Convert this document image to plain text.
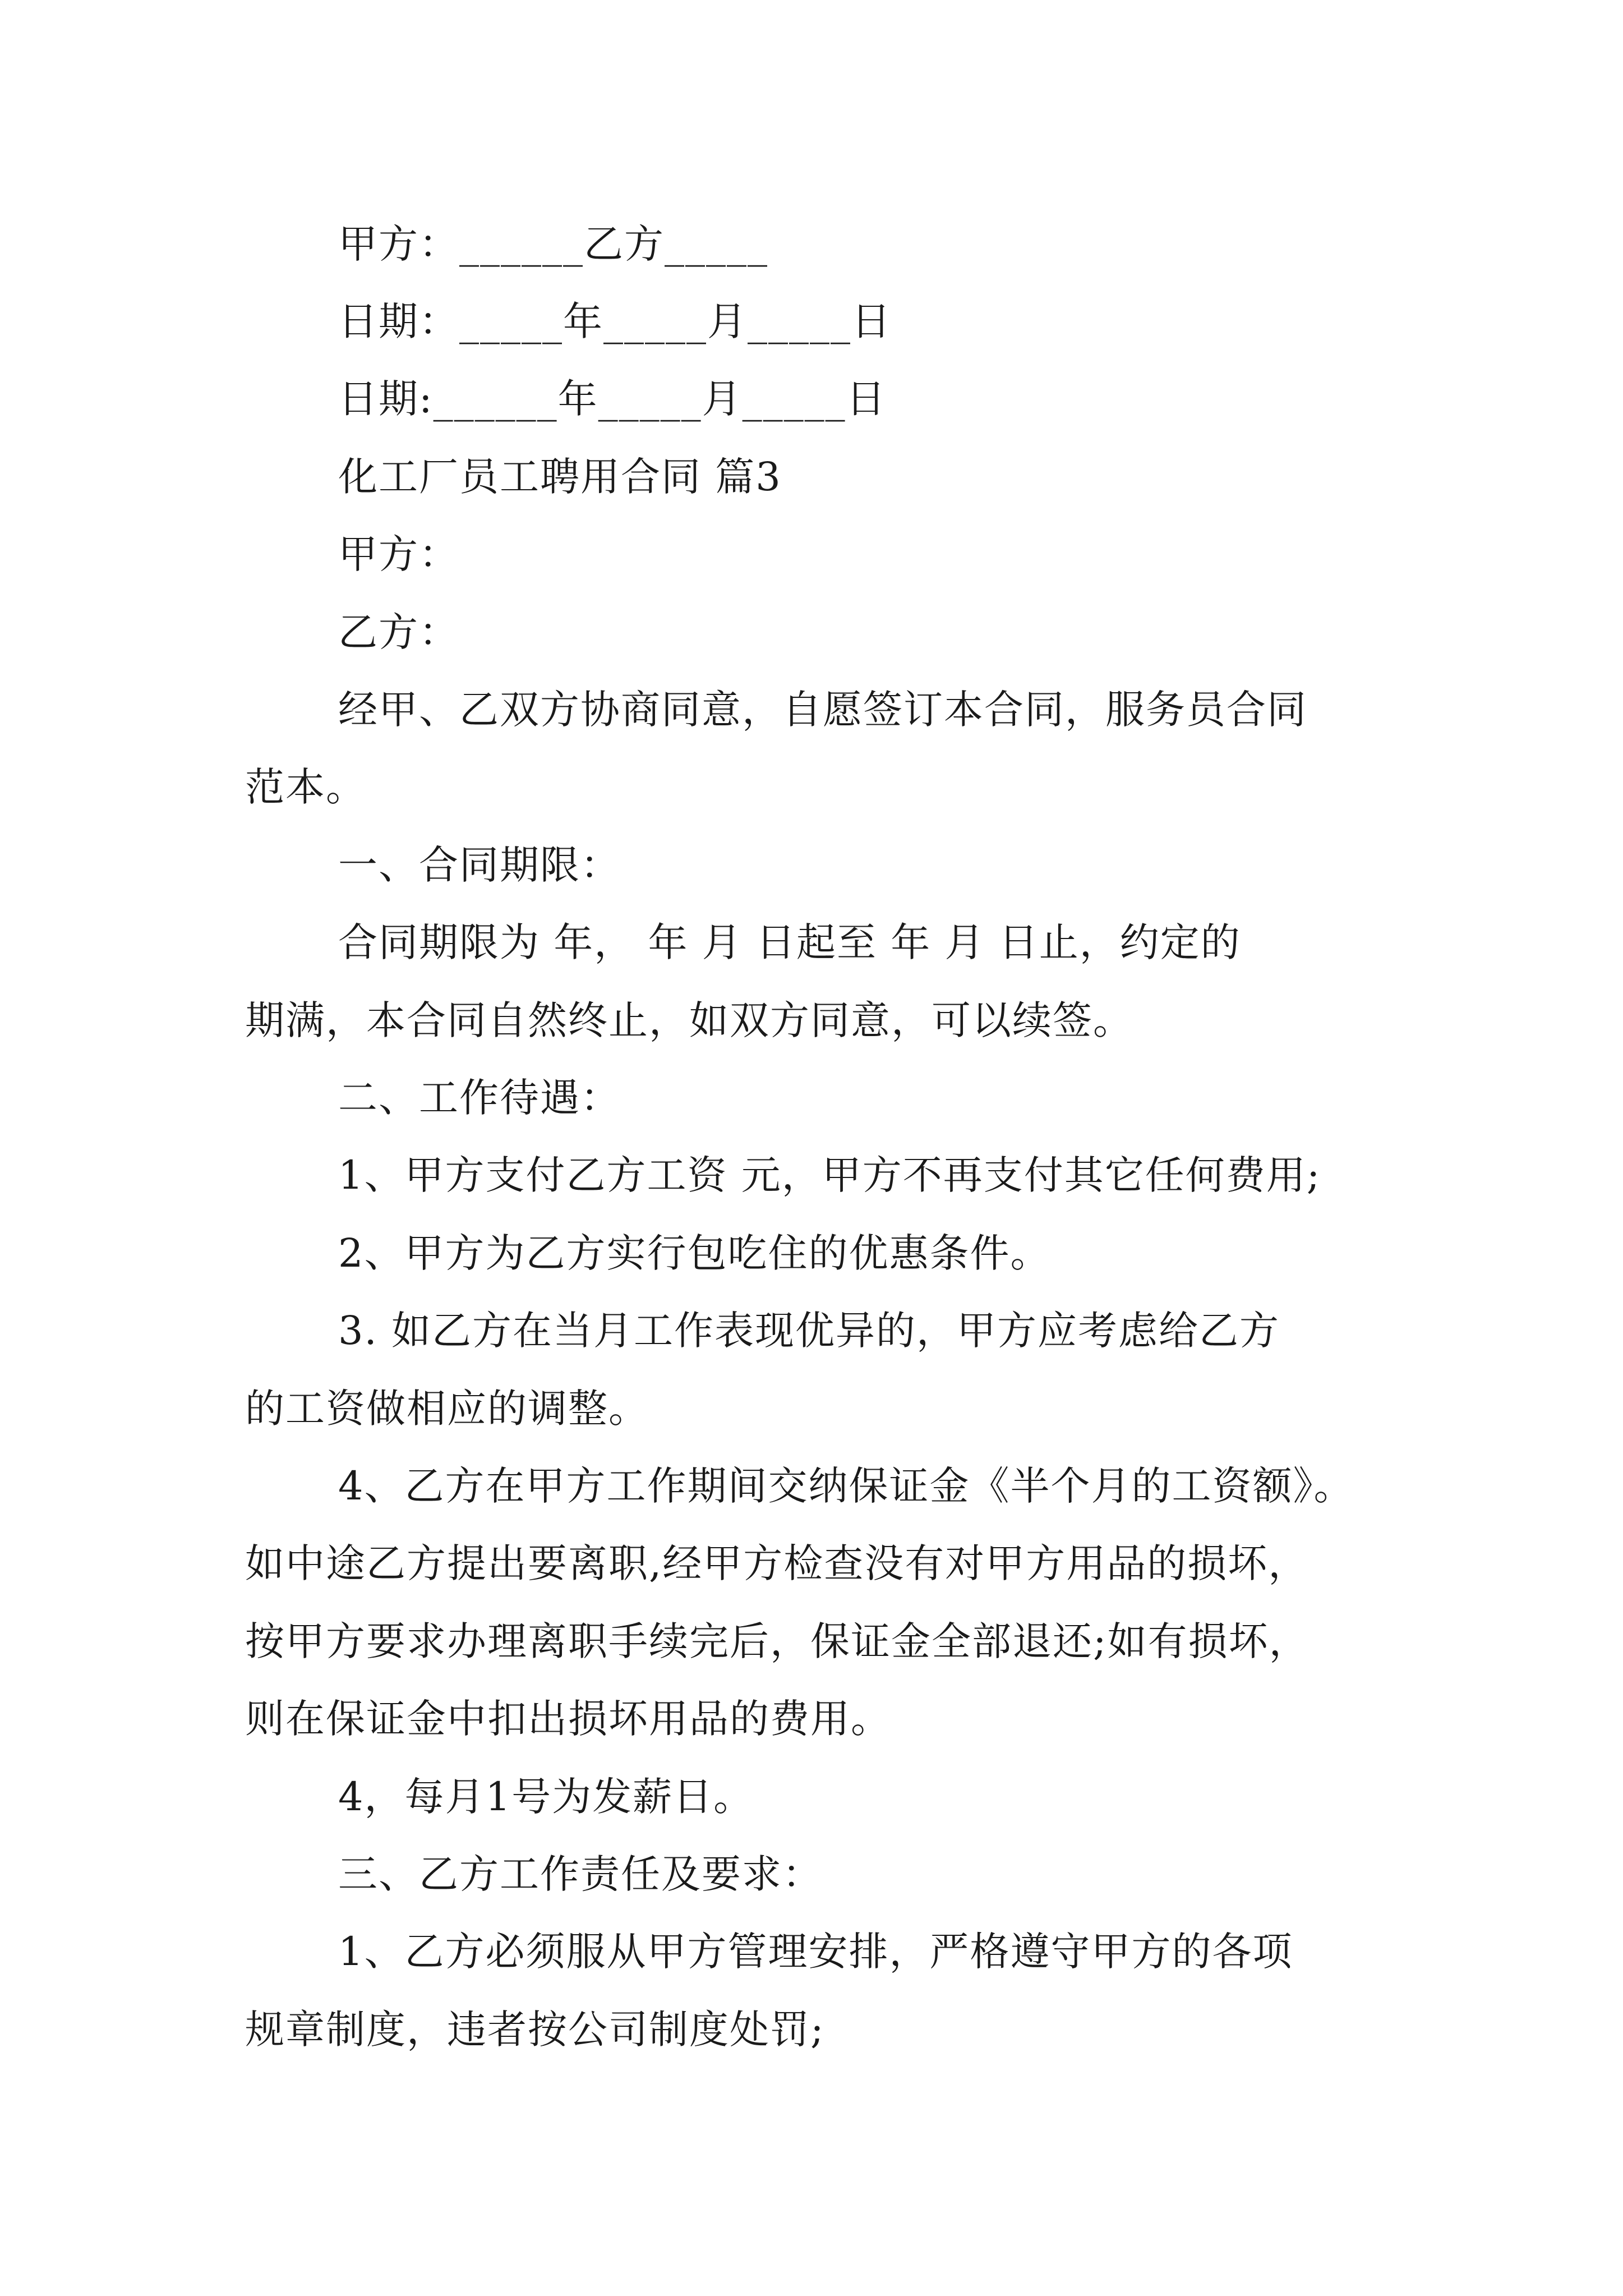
甲方：______乙方_____
日期：_____年_____月_____日
日期:______年_____月_____日
化工厂员工聘用合同 篇3
甲方：
乙方：
经甲、乙双方协商同意，自愿签订本合同，服务员合同
范本。
一、合同期限：
合同期限为 年， 年 月 日起至 年 月 日止，约定的
期满，本合同自然终止，如双方同意，可以续签。
二、工作待遇：
1、甲方支付乙方工资 元，甲方不再支付其它任何费用;
2、甲方为乙方实行包吃住的优惠条件。
3. 如乙方在当月工作表现优异的，甲方应考虑给乙方
的工资做相应的调整。
4、乙方在甲方工作期间交纳保证金《半个月的工资额》。
如中途乙方提出要离职,经甲方检查没有对甲方用品的损坏，
按甲方要求办理离职手续完后，保证金全部退还;如有损坏，
则在保证金中扣出损坏用品的费用。
4，每月1号为发薪日。
三、乙方工作责任及要求：
1、乙方必须服从甲方管理安排，严格遵守甲方的各项
规章制度，违者按公司制度处罚;
